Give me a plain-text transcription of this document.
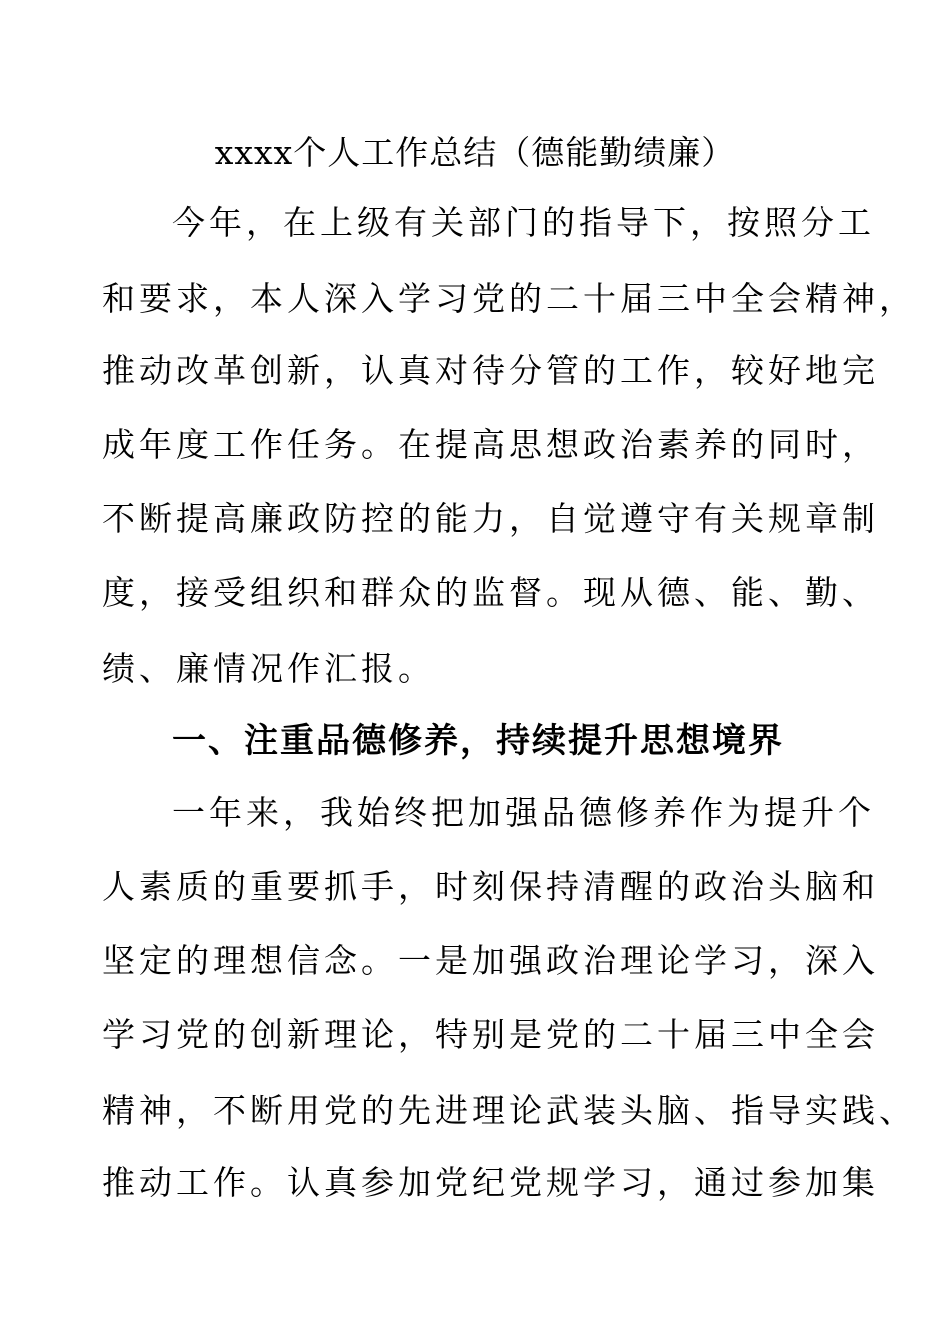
xxxx个人工作总结（德能勤绩廉）
今年，在上级有关部门的指导下，按照分工
和要求，本人深入学习党的二十届三中全会精神，
推动改革创新，认真对待分管的工作，较好地完
成年度工作任务。在提高思想政治素养的同时，
不断提高廉政防控的能力，自觉遵守有关规章制
度，接受组织和群众的监督。现从德、能、勤、
绩、廉情况作汇报。
一、注重品德修养，持续提升思想境界
一年来，我始终把加强品德修养作为提升个
人素质的重要抓手，时刻保持清醒的政治头脑和
坚定的理想信念。一是加强政治理论学习，深入
学习党的创新理论，特别是党的二十届三中全会
精神，不断用党的先进理论武装头脑、指导实践、
推动工作。认真参加党纪党规学习，通过参加集
